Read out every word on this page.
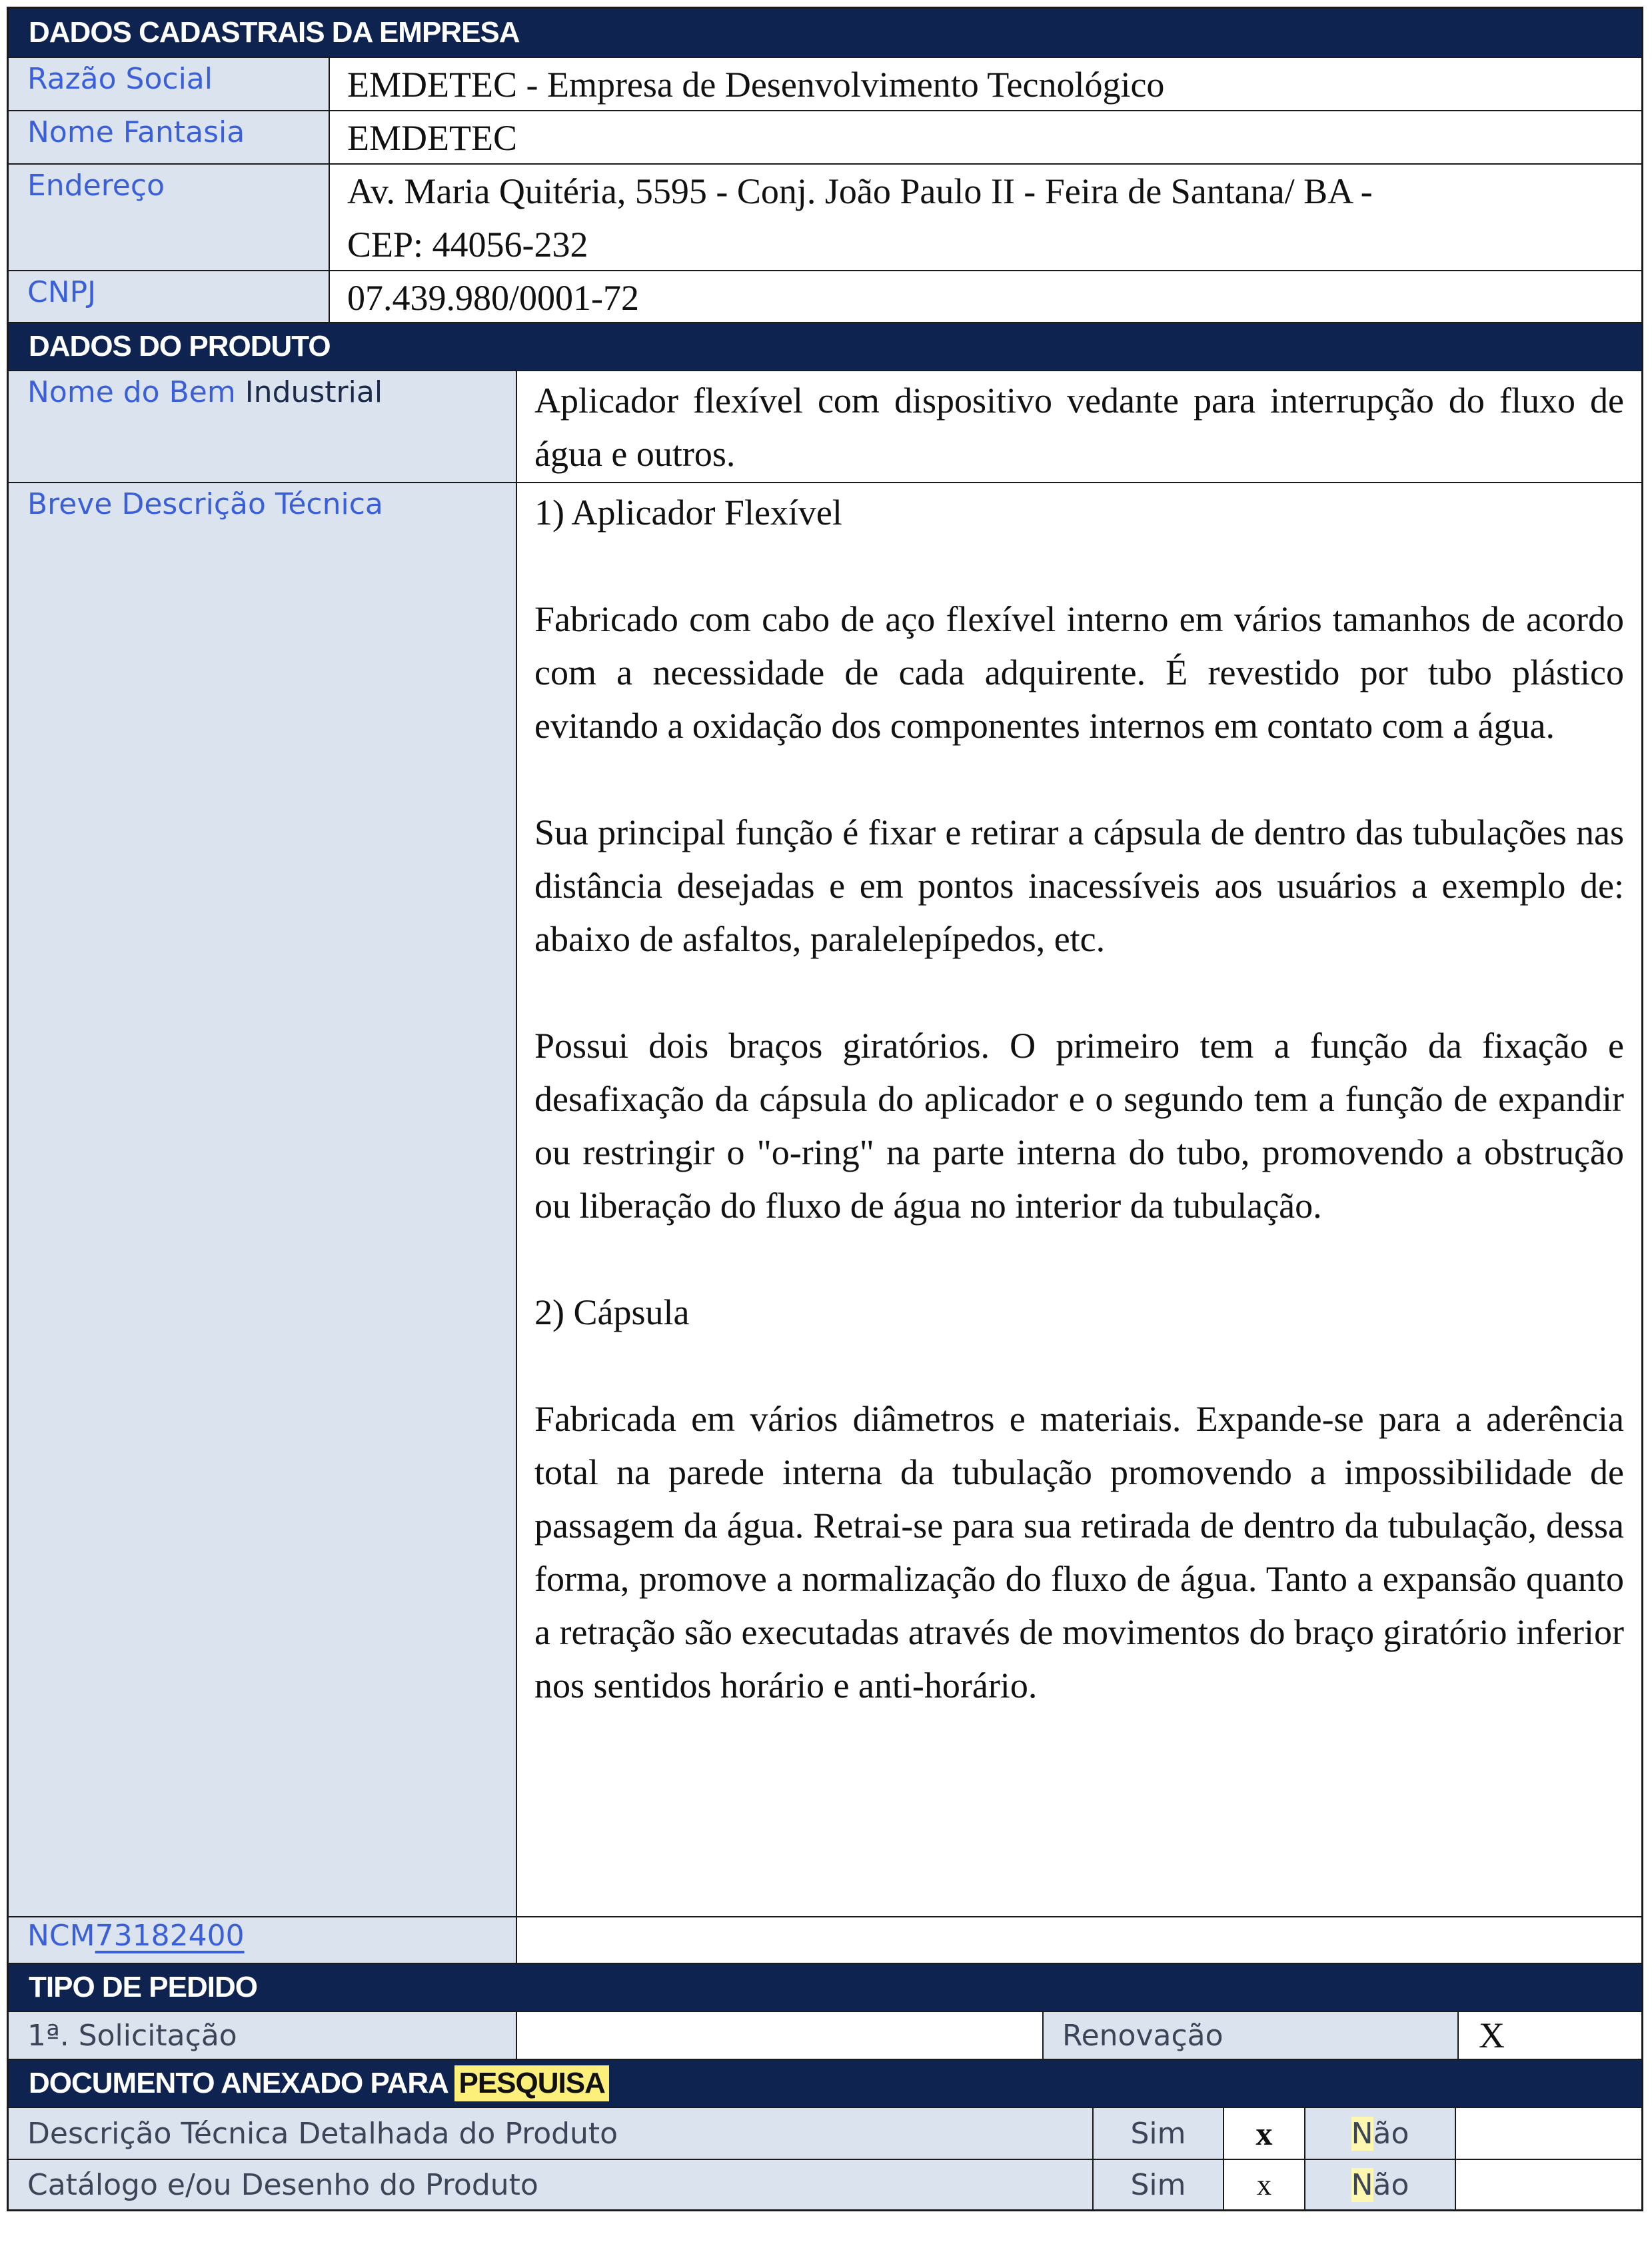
DADOS CADASTRAIS DA EMPRESA
Razão Social	EMDETEC - Empresa de Desenvolvimento Tecnológico
Nome Fantasia	EMDETEC
Endereço	Av. Maria Quitéria, 5595 - Conj. João Paulo II - Feira de Santana/ BA -
CEP: 44056-232
CNPJ	07.439.980/0001-72
DADOS DO PRODUTO
Nome do Bem Industrial	Aplicador flexível com dispositivo vedante para interrupção do fluxo de água e outros.

Breve Descrição Técnica	1) Aplicador Flexível

Fabricado com cabo de aço flexível interno em vários tamanhos de acordo com a necessidade de cada adquirente. É revestido por tubo plástico evitando a oxidação dos componentes internos em contato com a água.

Sua principal função é fixar e retirar a cápsula de dentro das tubulações nas distância desejadas e em pontos inacessíveis aos usuários a exemplo de: abaixo de asfaltos, paralelepípedos, etc.

Possui dois braços giratórios. O primeiro tem a função da fixação e desafixação da cápsula do aplicador e o segundo tem a função de expandir ou restringir o "o-ring" na parte interna do tubo, promovendo a obstrução ou liberação do fluxo de água no interior da tubulação.

2) Cápsula

Fabricada em vários diâmetros e materiais. Expande-se para a aderência total na parede interna da tubulação promovendo a impossibilidade de passagem da água. Retrai-se para sua retirada de dentro da tubulação, dessa forma, promove a normalização do fluxo de água. Tanto a expansão quanto a retração são executadas através de movimentos do braço giratório inferior nos sentidos horário e anti-horário.

NCM73182400
TIPO DE PEDIDO
1ª. Solicitação	Renovação	X
DOCUMENTO ANEXADO PARA PESQUISA
Descrição Técnica Detalhada do Produto	Sim	x	N ão
Catálogo e/ou Desenho do Produto	Sim	x	N ão
